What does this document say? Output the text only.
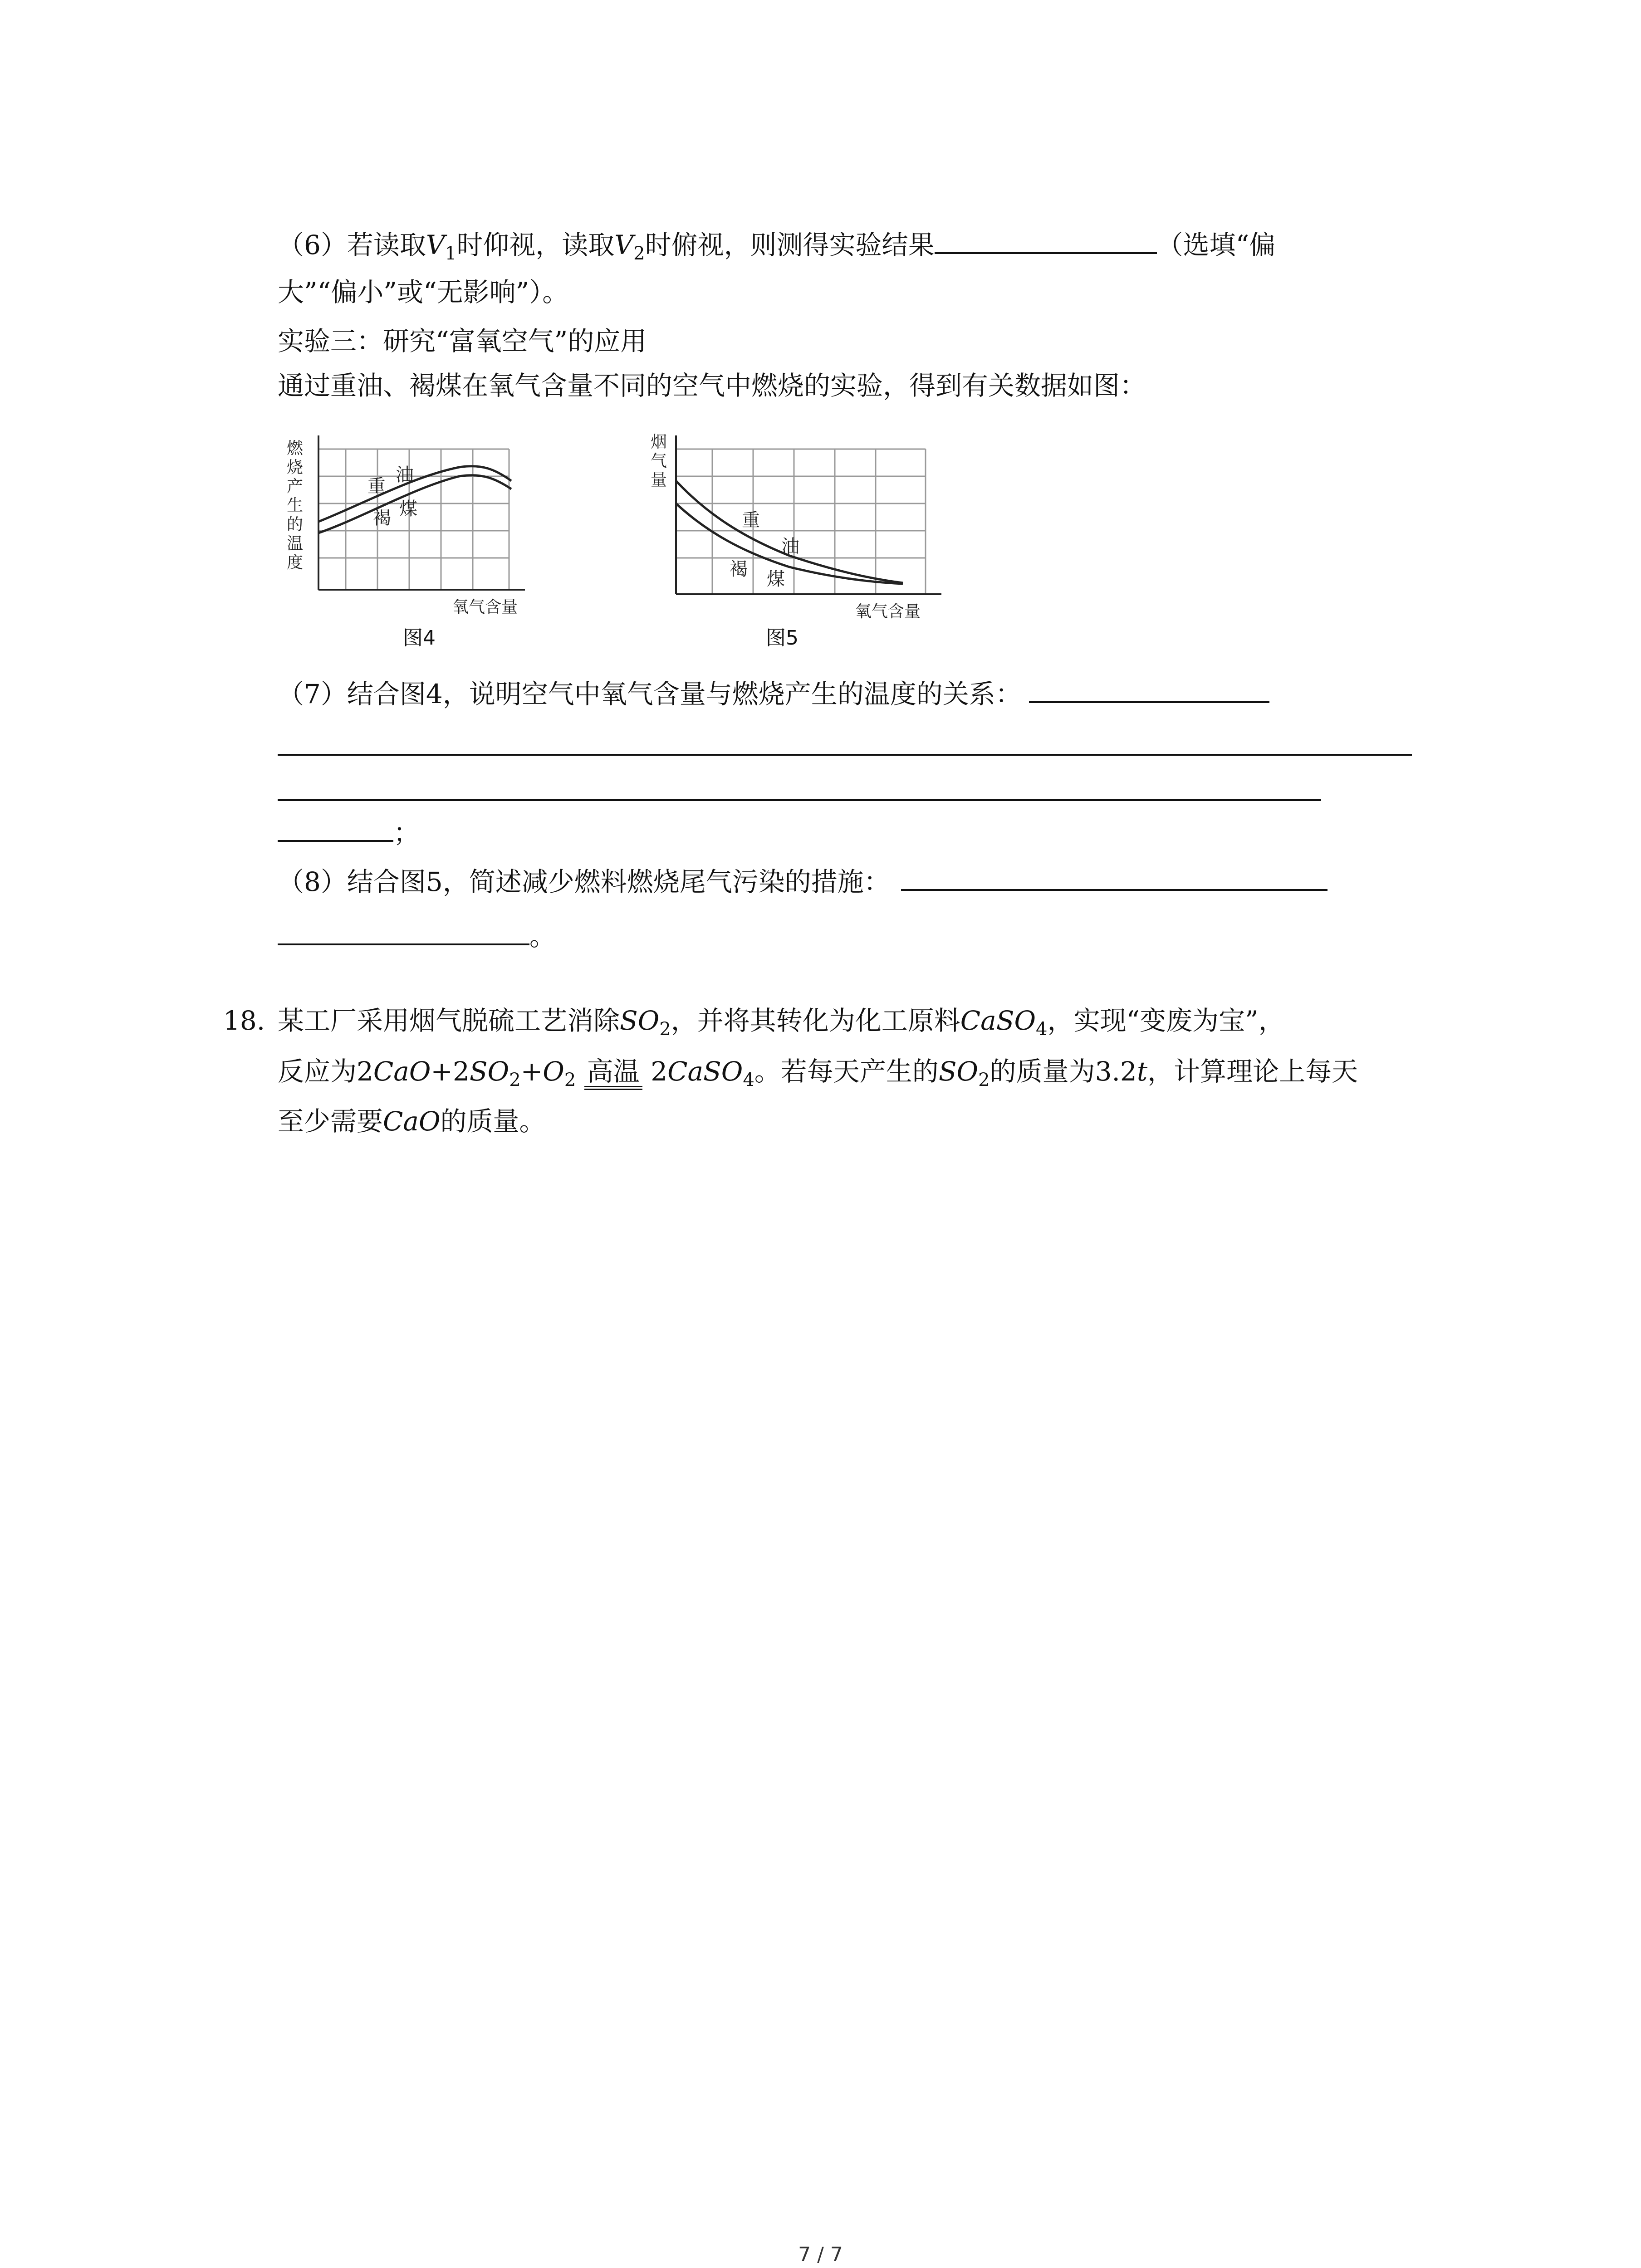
（6）若读取$V_1$时仰视，读取$V_2$时俯视，则测得实验结果	（选填“偏
大”“偏小”或“无影响”）。
实验三：研究“富氧空气”的应用
通过重油、褐煤在氧气含量不同的空气中燃烧的实验，得到有关数据如图：
重
油
褐 煤
燃
烧
产
生
的
温
度
氧气含量
图4
重
油
褐 煤
烟
气
量
氧气含量
图5
（7）结合图4，说明空气中氧气含量与燃烧产生的温度的关系：
；
（8）结合图5，简述减少燃料燃烧尾气污染的措施：
。
18. 某工厂采用烟气脱硫工艺消除$SO_2$，并将其转化为化工原料CaSO$_4$，实现“变废为宝”，
反应为$2CaO+2SO_2+O_2$ 高温 2CaSO$_4$。若每天产生的$SO_2$的质量为3.2t，计算理论上每天
至少需要CaO的质量。
7 / 7
